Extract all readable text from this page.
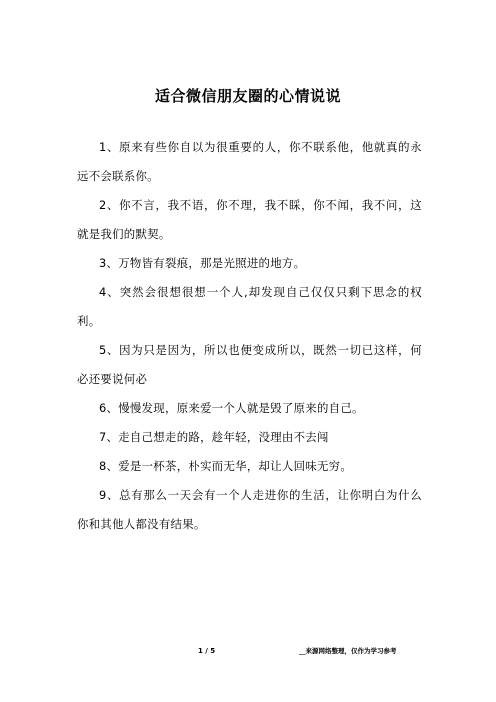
适合微信朋友圈的心情说说

1、原来有些你自以为很重要的人，你不联系他，他就真的永远不会联系你。

2、你不言，我不语，你不理，我不睬，你不闻，我不问，这就是我们的默契。

3、万物皆有裂痕，那是光照进的地方。

4、突然会很想很想一个人,却发现自己仅仅只剩下思念的权利。

5、因为只是因为，所以也便变成所以，既然一切已这样，何必还要说何必

6、慢慢发现，原来爱一个人就是毁了原来的自己。

7、走自己想走的路，趁年轻，没理由不去闯

8、爱是一杯茶，朴实而无华，却让人回味无穷。

9、总有那么一天会有一个人走进你的生活，让你明白为什么你和其他人都没有结果。

1 / 5	__来源网络整理，仅作为学习参考
